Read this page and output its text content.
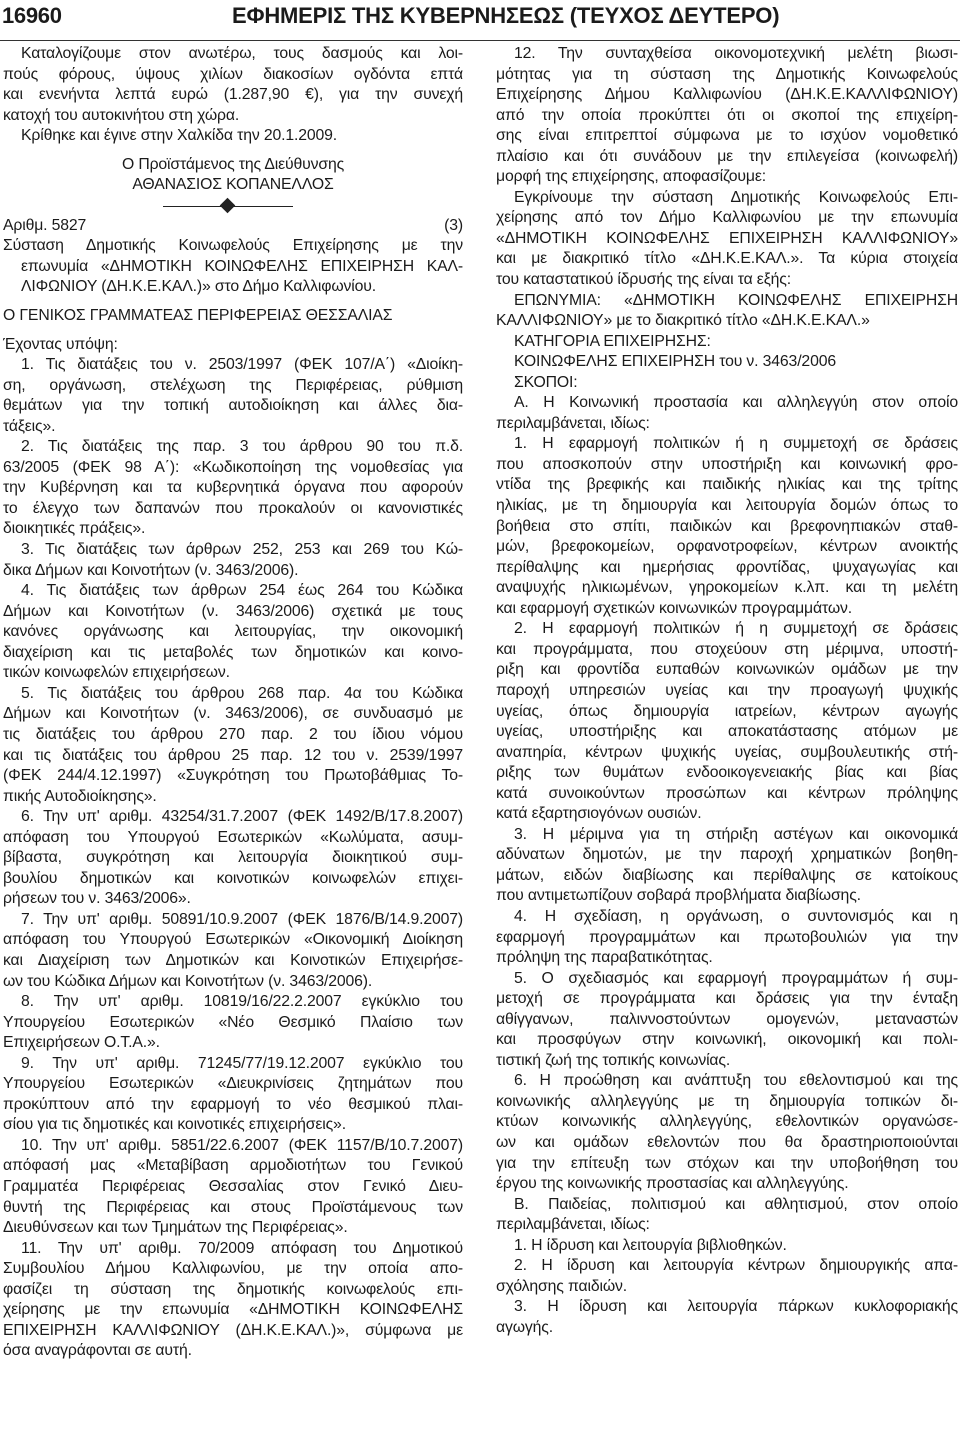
16960	ΕΦΗΜΕΡΙΣ ΤΗΣ ΚΥΒΕΡΝΗΣΕΩΣ (ΤΕΥΧΟΣ ΔΕΥΤΕΡΟ)

Καταλογίζουμε στον ανωτέρω, τους δασμούς και λοι-

πούς φόρους, ύψους χιλίων διακοσίων ογδόντα επτά

και ενενήντα λεπτά ευρώ (1.287,90 €), για την συνεχή

κατοχή του αυτοκινήτου στη χώρα.

Κρίθηκε και έγινε στην Χαλκίδα την 20.1.2009.

Ο Προϊστάμενος της Διεύθυνσης

ΑΘΑΝΑΣΙΟΣ ΚΟΠΑΝΕΛΛΟΣ

Αριθμ. 5827	(3)

Σύσταση Δημοτικής Κοινωφελούς Επιχείρησης με την

επωνυμία «ΔΗΜΟΤΙΚΗ ΚΟΙΝΩΦΕΛΗΣ ΕΠΙΧΕΙΡΗΣΗ ΚΑΛ-

ΛΙΦΩΝΙΟΥ (ΔΗ.Κ.Ε.ΚΑΛ.)» στο Δήμο Καλλιφωνίου.

Ο ΓΕΝΙΚΟΣ ΓΡΑΜΜΑΤΕΑΣ ΠΕΡΙΦΕΡΕΙΑΣ ΘΕΣΣΑΛΙΑΣ

Έχοντας υπόψη:

1. Τις διατάξεις του ν. 2503/1997 (ΦΕΚ 107/Α΄) «Διοίκη-

ση, οργάνωση, στελέχωση της Περιφέρειας, ρύθμιση

θεμάτων για την τοπική αυτοδιοίκηση και άλλες δια-

τάξεις».

2. Τις διατάξεις της παρ. 3 του άρθρου 90 του π.δ.

63/2005 (ΦΕΚ 98 Α΄): «Κωδικοποίηση της νομοθεσίας για

την Κυβέρνηση και τα κυβερνητικά όργανα που αφορούν

το έλεγχο των δαπανών που προκαλούν οι κανονιστικές

διοικητικές πράξεις».

3. Τις διατάξεις των άρθρων 252, 253 και 269 του Κώ-

δικα Δήμων και Κοινοτήτων (ν. 3463/2006).

4. Τις διατάξεις των άρθρων 254 έως 264 του Κώδικα

Δήμων και Κοινοτήτων (ν. 3463/2006) σχετικά με τους

κανόνες οργάνωσης και λειτουργίας, την οικονομική

διαχείριση και τις μεταβολές των δημοτικών και κοινο-

τικών κοινωφελών επιχειρήσεων.

5. Τις διατάξεις του άρθρου 268 παρ. 4α του Κώδικα

Δήμων και Κοινοτήτων (ν. 3463/2006), σε συνδυασμό με

τις διατάξεις του άρθρου 270 παρ. 2 του ίδιου νόμου

και τις διατάξεις του άρθρου 25 παρ. 12 του ν. 2539/1997

(ΦΕΚ 244/4.12.1997) «Συγκρότηση του Πρωτοβάθμιας Το-

πικής Αυτοδιοίκησης».

6. Την υπ' αριθμ. 43254/31.7.2007 (ΦΕΚ 1492/Β/17.8.2007)

απόφαση του Υπουργού Εσωτερικών «Κωλύματα, ασυμ-

βίβαστα, συγκρότηση και λειτουργία διοικητικού συμ-

βουλίου δημοτικών και κοινοτικών κοινωφελών επιχει-

ρήσεων του ν. 3463/2006».

7. Την υπ' αριθμ. 50891/10.9.2007 (ΦΕΚ 1876/Β/14.9.2007)

απόφαση του Υπουργού Εσωτερικών «Οικονομική Διοίκηση

και Διαχείριση των Δημοτικών και Κοινοτικών Επιχειρήσε-

ων του Κώδικα Δήμων και Κοινοτήτων (ν. 3463/2006).

8. Την υπ' αριθμ. 10819/16/22.2.2007 εγκύκλιο του

Υπουργείου Εσωτερικών «Νέο Θεσμικό Πλαίσιο των

Επιχειρήσεων Ο.Τ.Α.».

9. Την υπ' αριθμ. 71245/77/19.12.2007 εγκύκλιο του

Υπουργείου Εσωτερικών «Διευκρινίσεις ζητημάτων που

προκύπτουν από την εφαρμογή το νέο θεσμικού πλαι-

σίου για τις δημοτικές και κοινοτικές επιχειρήσεις».

10. Την υπ' αριθμ. 5851/22.6.2007 (ΦΕΚ 1157/Β/10.7.2007)

απόφασή μας «Μεταβίβαση αρμοδιοτήτων του Γενικού

Γραμματέα Περιφέρειας Θεσσαλίας στον Γενικό Διευ-

θυντή της Περιφέρειας και στους Προϊστάμενους των

Διευθύνσεων και των Τμημάτων της Περιφέρειας».

11. Την υπ' αριθμ. 70/2009 απόφαση του Δημοτικού

Συμβουλίου Δήμου Καλλιφωνίου, με την οποία απο-

φασίζει τη σύσταση της δημοτικής κοινωφελούς επι-

χείρησης με την επωνυμία «ΔΗΜΟΤΙΚΗ ΚΟΙΝΩΦΕΛΗΣ

ΕΠΙΧΕΙΡΗΣΗ ΚΑΛΛΙΦΩΝΙΟΥ (ΔΗ.Κ.Ε.ΚΑΛ.)», σύμφωνα με

όσα αναγράφονται σε αυτή.

12. Την συνταχθείσα οικονομοτεχνική μελέτη βιωσι-

μότητας για τη σύσταση της Δημοτικής Κοινωφελούς

Επιχείρησης Δήμου Καλλιφωνίου (ΔΗ.Κ.Ε.ΚΑΛΛΙΦΩΝΙΟΥ)

από την οποία προκύπτει ότι οι σκοποί της επιχείρη-

σης είναι επιτρεπτοί σύμφωνα με το ισχύον νομοθετικό

πλαίσιο και ότι συνάδουν με την επιλεγείσα (κοινωφελή)

μορφή της επιχείρησης, αποφασίζουμε:

Εγκρίνουμε την σύσταση Δημοτικής Κοινωφελούς Επι-

χείρησης από τον Δήμο Καλλιφωνίου με την επωνυμία

«ΔΗΜΟΤΙΚΗ ΚΟΙΝΩΦΕΛΗΣ ΕΠΙΧΕΙΡΗΣΗ ΚΑΛΛΙΦΩΝΙΟΥ»

και με διακριτικό τίτλο «ΔΗ.Κ.Ε.ΚΑΛ.». Τα κύρια στοιχεία

του καταστατικού ίδρυσής της είναι τα εξής:

ΕΠΩΝΥΜΙΑ: «ΔΗΜΟΤΙΚΗ ΚΟΙΝΩΦΕΛΗΣ ΕΠΙΧΕΙΡΗΣΗ

ΚΑΛΛΙΦΩΝΙΟΥ» με το διακριτικό τίτλο «ΔΗ.Κ.Ε.ΚΑΛ.»

ΚΑΤΗΓΟΡΙΑ ΕΠΙΧΕΙΡΗΣΗΣ:

ΚΟΙΝΩΦΕΛΗΣ ΕΠΙΧΕΙΡΗΣΗ του ν. 3463/2006

ΣΚΟΠΟΙ:

Α. Η Κοινωνική προστασία και αλληλεγγύη στον οποίο

περιλαμβάνεται, ιδίως:

1. Η εφαρμογή πολιτικών ή η συμμετοχή σε δράσεις

που αποσκοπούν στην υποστήριξη και κοινωνική φρο-

ντίδα της βρεφικής και παιδικής ηλικίας και της τρίτης

ηλικίας, με τη δημιουργία και λειτουργία δομών όπως το

βοήθεια στο σπίτι, παιδικών και βρεφονηπιακών σταθ-

μών, βρεφοκομείων, ορφανοτροφείων, κέντρων ανοικτής

περίθαλψης και ημερήσιας φροντίδας, ψυχαγωγίας και

αναψυχής ηλικιωμένων, γηροκομείων κ.λπ. και τη μελέτη

και εφαρμογή σχετικών κοινωνικών προγραμμάτων.

2. Η εφαρμογή πολιτικών ή η συμμετοχή σε δράσεις

και προγράμματα, που στοχεύουν στη μέριμνα, υποστή-

ριξη και φροντίδα ευπαθών κοινωνικών ομάδων με την

παροχή υπηρεσιών υγείας και την προαγωγή ψυχικής

υγείας, όπως δημιουργία ιατρείων, κέντρων αγωγής

υγείας, υποστήριξης και αποκατάστασης ατόμων με

αναπηρία, κέντρων ψυχικής υγείας, συμβουλευτικής στή-

ριξης των θυμάτων ενδοοικογενειακής βίας και βίας

κατά συνοικούντων προσώπων και κέντρων πρόληψης

κατά εξαρτησιογόνων ουσιών.

3. Η μέριμνα για τη στήριξη αστέγων και οικονομικά

αδύνατων δημοτών, με την παροχή χρηματικών βοηθη-

μάτων, ειδών διαβίωσης και περίθαλψης σε κατοίκους

που αντιμετωπίζουν σοβαρά προβλήματα διαβίωσης.

4. Η σχεδίαση, η οργάνωση, ο συντονισμός και η

εφαρμογή προγραμμάτων και πρωτοβουλιών για την

πρόληψη της παραβατικότητας.

5. Ο σχεδιασμός και εφαρμογή προγραμμάτων ή συμ-

μετοχή σε προγράμματα και δράσεις για την ένταξη

αθίγγανων, παλιννοστούντων ομογενών, μεταναστών

και προσφύγων στην κοινωνική, οικονομική και πολι-

τιστική ζωή της τοπικής κοινωνίας.

6. Η προώθηση και ανάπτυξη του εθελοντισμού και της

κοινωνικής αλληλεγγύης με τη δημιουργία τοπικών δι-

κτύων κοινωνικής αλληλεγγύης, εθελοντικών οργανώσε-

ων και ομάδων εθελοντών που θα δραστηριοποιούνται

για την επίτευξη των στόχων και την υποβοήθηση του

έργου της κοινωνικής προστασίας και αλληλεγγύης.

Β. Παιδείας, πολιτισμού και αθλητισμού, στον οποίο

περιλαμβάνεται, ιδίως:

1. Η ίδρυση και λειτουργία βιβλιοθηκών.

2. Η ίδρυση και λειτουργία κέντρων δημιουργικής απα-

σχόλησης παιδιών.

3. Η ίδρυση και λειτουργία πάρκων κυκλοφοριακής

αγωγής.
